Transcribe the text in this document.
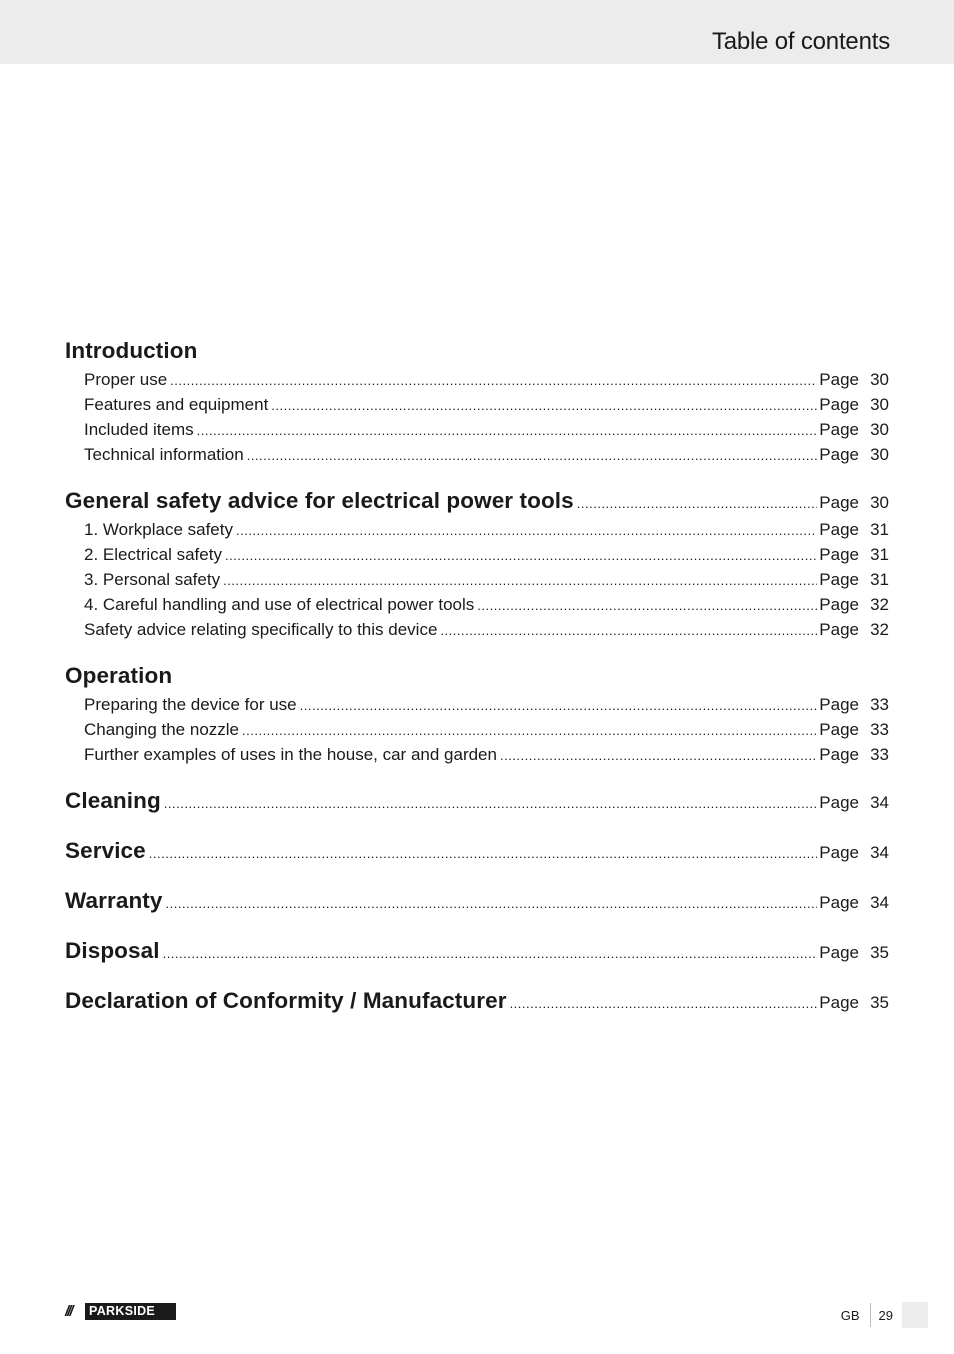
Table of contents
Introduction
Proper use .....	Page 30
Features and equipment .....	Page 30
Included items .....	Page 30
Technical information .....	Page 30
General safety advice for electrical power tools .....	Page 30
1. Workplace safety .....	Page 31
2. Electrical safety .....	Page 31
3. Personal safety .....	Page 31
4. Careful handling and use of electrical power tools .....	Page 32
Safety advice relating specifically to this device .....	Page 32
Operation
Preparing the device for use .....	Page 33
Changing the nozzle .....	Page 33
Further examples of uses in the house, car and garden .....	Page 33
Cleaning .....	Page 34
Service .....	Page 34
Warranty .....	Page 34
Disposal .....	Page 35
Declaration of Conformity / Manufacturer .....	Page 35
///	PARKSIDE	GB 29
